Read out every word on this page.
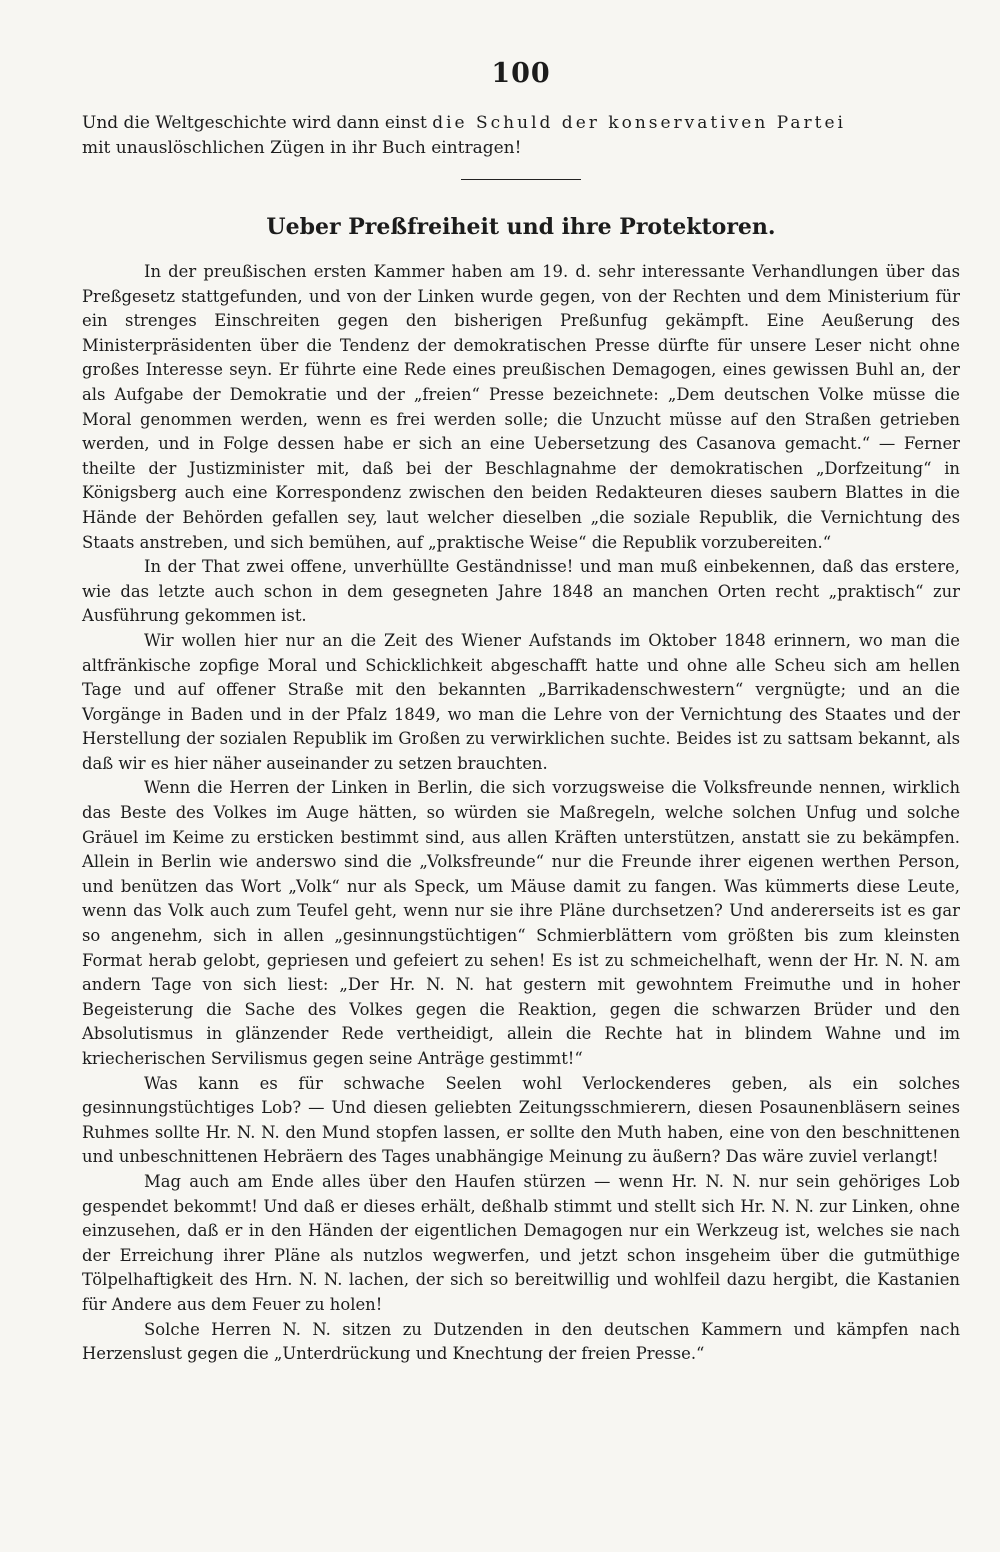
100

Und die Weltgeschichte wird dann einst die Schuld der konservativen Partei
mit unauslöschlichen Zügen in ihr Buch eintragen!

Ueber Preßfreiheit und ihre Protektoren.

In der preußischen ersten Kammer haben am 19. d. sehr interessante Verhandlungen über das Preßgesetz stattgefunden, und von der Linken wurde gegen, von der Rechten und dem Ministerium für ein strenges Einschreiten gegen den bisherigen Preßunfug gekämpft. Eine Aeußerung des Ministerpräsidenten über die Tendenz der demokratischen Presse dürfte für unsere Leser nicht ohne großes Interesse seyn. Er führte eine Rede eines preußischen Demagogen, eines gewissen Buhl an, der als Aufgabe der Demokratie und der „freien“ Presse bezeichnete: „Dem deutschen Volke müsse die Moral genommen werden, wenn es frei werden solle; die Unzucht müsse auf den Straßen getrieben werden, und in Folge dessen habe er sich an eine Uebersetzung des Casanova gemacht.“ — Ferner theilte der Justizminister mit, daß bei der Beschlagnahme der demokratischen „Dorfzeitung“ in Königsberg auch eine Korrespondenz zwischen den beiden Redakteuren dieses saubern Blattes in die Hände der Behörden gefallen sey, laut welcher dieselben „die soziale Republik, die Vernichtung des Staats anstreben, und sich bemühen, auf „praktische Weise“ die Republik vorzubereiten.“

In der That zwei offene, unverhüllte Geständnisse! und man muß einbekennen, daß das erstere, wie das letzte auch schon in dem gesegneten Jahre 1848 an manchen Orten recht „praktisch“ zur Ausführung gekommen ist.

Wir wollen hier nur an die Zeit des Wiener Aufstands im Oktober 1848 erinnern, wo man die altfränkische zopfige Moral und Schicklichkeit abgeschafft hatte und ohne alle Scheu sich am hellen Tage und auf offener Straße mit den bekannten „Barrikadenschwestern“ vergnügte; und an die Vorgänge in Baden und in der Pfalz 1849, wo man die Lehre von der Vernichtung des Staates und der Herstellung der sozialen Republik im Großen zu verwirklichen suchte. Beides ist zu sattsam bekannt, als daß wir es hier näher auseinander zu setzen brauchten.

Wenn die Herren der Linken in Berlin, die sich vorzugsweise die Volksfreunde nennen, wirklich das Beste des Volkes im Auge hätten, so würden sie Maßregeln, welche solchen Unfug und solche Gräuel im Keime zu ersticken bestimmt sind, aus allen Kräften unterstützen, anstatt sie zu bekämpfen. Allein in Berlin wie anderswo sind die „Volksfreunde“ nur die Freunde ihrer eigenen werthen Person, und benützen das Wort „Volk“ nur als Speck, um Mäuse damit zu fangen. Was kümmerts diese Leute, wenn das Volk auch zum Teufel geht, wenn nur sie ihre Pläne durchsetzen? Und andererseits ist es gar so angenehm, sich in allen „gesinnungstüchtigen“ Schmierblättern vom größten bis zum kleinsten Format herab gelobt, gepriesen und gefeiert zu sehen! Es ist zu schmeichelhaft, wenn der Hr. N. N. am andern Tage von sich liest: „Der Hr. N. N. hat gestern mit gewohntem Freimuthe und in hoher Begeisterung die Sache des Volkes gegen die Reaktion, gegen die schwarzen Brüder und den Absolutismus in glänzender Rede vertheidigt, allein die Rechte hat in blindem Wahne und im kriecherischen Servilismus gegen seine Anträge gestimmt!“

Was kann es für schwache Seelen wohl Verlockenderes geben, als ein solches gesinnungstüchtiges Lob? — Und diesen geliebten Zeitungsschmierern, diesen Posaunenbläsern seines Ruhmes sollte Hr. N. N. den Mund stopfen lassen, er sollte den Muth haben, eine von den beschnittenen und unbeschnittenen Hebräern des Tages unabhängige Meinung zu äußern? Das wäre zuviel verlangt!

Mag auch am Ende alles über den Haufen stürzen — wenn Hr. N. N. nur sein gehöriges Lob gespendet bekommt! Und daß er dieses erhält, deßhalb stimmt und stellt sich Hr. N. N. zur Linken, ohne einzusehen, daß er in den Händen der eigentlichen Demagogen nur ein Werkzeug ist, welches sie nach der Erreichung ihrer Pläne als nutzlos wegwerfen, und jetzt schon insgeheim über die gutmüthige Tölpelhaftigkeit des Hrn. N. N. lachen, der sich so bereitwillig und wohlfeil dazu hergibt, die Kastanien für Andere aus dem Feuer zu holen!

Solche Herren N. N. sitzen zu Dutzenden in den deutschen Kammern und kämpfen nach Herzenslust gegen die „Unterdrückung und Knechtung der freien Presse.“
